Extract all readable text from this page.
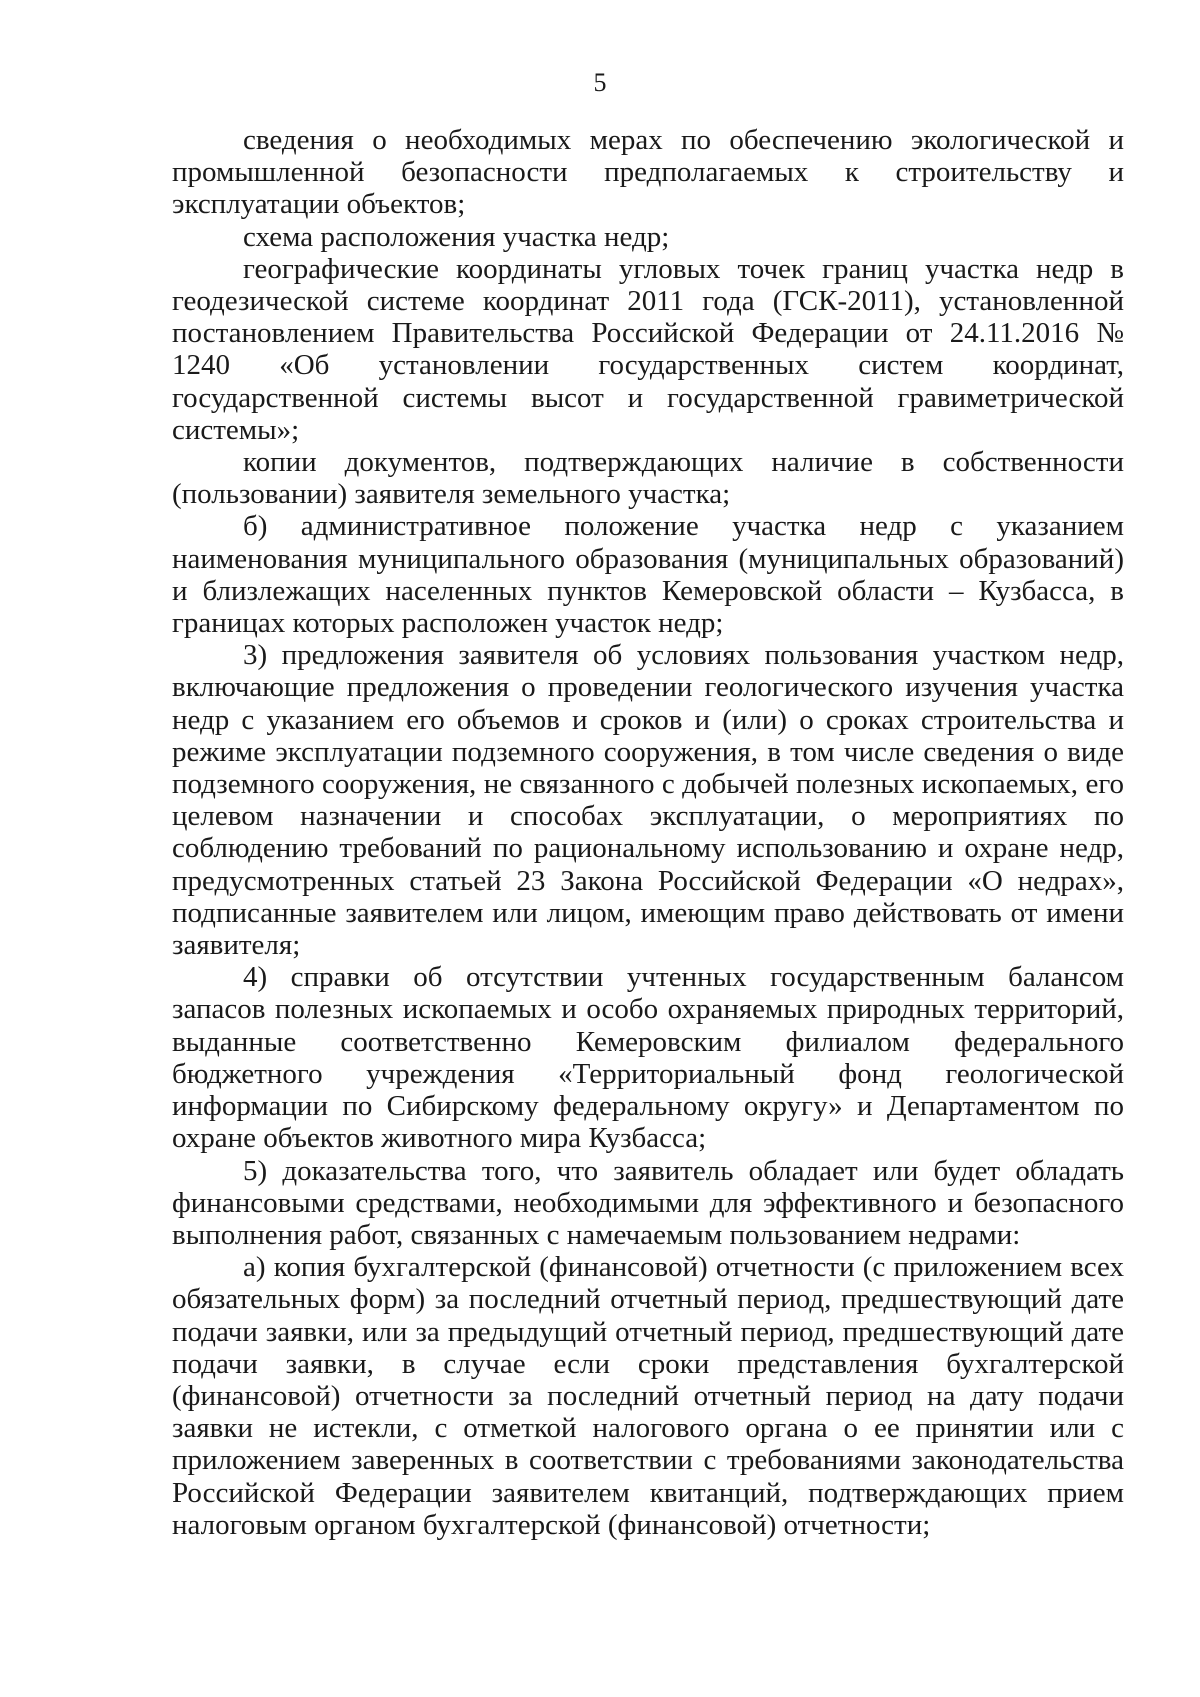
5

сведения о необходимых мерах по обеспечению экологической и промышленной безопасности предполагаемых к строительству и эксплуатации объектов;

схема расположения участка недр;

географические координаты угловых точек границ участка недр в геодезической системе координат 2011 года (ГСК-2011), установленной постановлением Правительства Российской Федерации от 24.11.2016 № 1240 «Об установлении государственных систем координат, государственной системы высот и государственной гравиметрической системы»;

копии документов, подтверждающих наличие в собственности (пользовании) заявителя земельного участка;

б) административное положение участка недр с указанием наименования муниципального образования (муниципальных образований) и близлежащих населенных пунктов Кемеровской области – Кузбасса, в границах которых расположен участок недр;

3) предложения заявителя об условиях пользования участком недр, включающие предложения о проведении геологического изучения участка недр с указанием его объемов и сроков и (или) о сроках строительства и режиме эксплуатации подземного сооружения, в том числе сведения о виде подземного сооружения, не связанного с добычей полезных ископаемых, его целевом назначении и способах эксплуатации, о мероприятиях по соблюдению требований по рациональному использованию и охране недр, предусмотренных статьей 23 Закона Российской Федерации «О недрах», подписанные заявителем или лицом, имеющим право действовать от имени заявителя;

4) справки об отсутствии учтенных государственным балансом запасов полезных ископаемых и особо охраняемых природных территорий, выданные соответственно Кемеровским филиалом федерального бюджетного учреждения «Территориальный фонд геологической информации по Сибирскому федеральному округу» и Департаментом по охране объектов животного мира Кузбасса;

5) доказательства того, что заявитель обладает или будет обладать финансовыми средствами, необходимыми для эффективного и безопасного выполнения работ, связанных с намечаемым пользованием недрами:

а) копия бухгалтерской (финансовой) отчетности (с приложением всех обязательных форм) за последний отчетный период, предшествующий дате подачи заявки, или за предыдущий отчетный период, предшествующий дате подачи заявки, в случае если сроки представления бухгалтерской (финансовой) отчетности за последний отчетный период на дату подачи заявки не истекли, с отметкой налогового органа о ее принятии или с приложением заверенных в соответствии с требованиями законодательства Российской Федерации заявителем квитанций, подтверждающих прием налоговым органом бухгалтерской (финансовой) отчетности;
